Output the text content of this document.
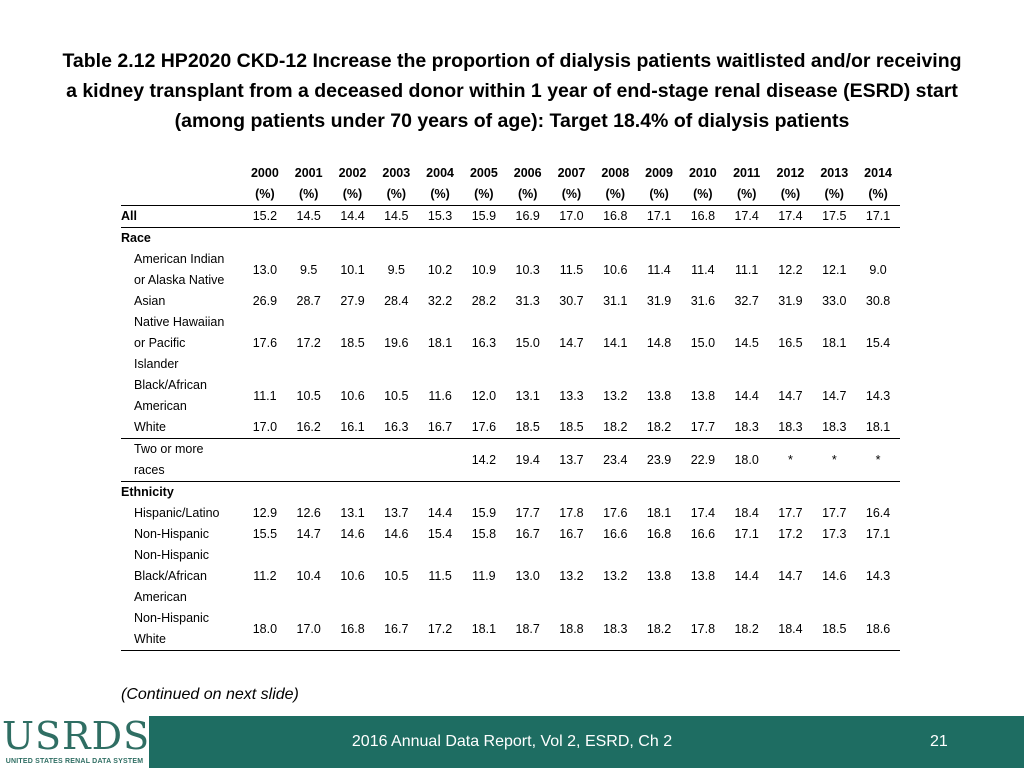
Table 2.12 HP2020 CKD-12 Increase the proportion of dialysis patients waitlisted and/or receiving
a kidney transplant from a deceased donor within 1 year of end-stage renal disease (ESRD) start
(among patients under 70 years of age): Target 18.4% of dialysis patients
	2000	2001	2002	2003	2004	2005	2006	2007	2008	2009	2010	2011	2012	2013	2014
	(%)	(%)	(%)	(%)	(%)	(%)	(%)	(%)	(%)	(%)	(%)	(%)	(%)	(%)	(%)
All	15.2	14.5	14.4	14.5	15.3	15.9	16.9	17.0	16.8	17.1	16.8	17.4	17.4	17.5	17.1
Race															
American Indian
or Alaska Native	13.0	9.5	10.1	9.5	10.2	10.9	10.3	11.5	10.6	11.4	11.4	11.1	12.2	12.1	9.0
Asian	26.9	28.7	27.9	28.4	32.2	28.2	31.3	30.7	31.1	31.9	31.6	32.7	31.9	33.0	30.8
Native Hawaiian
or Pacific
Islander	17.6	17.2	18.5	19.6	18.1	16.3	15.0	14.7	14.1	14.8	15.0	14.5	16.5	18.1	15.4
Black/African
American	11.1	10.5	10.6	10.5	11.6	12.0	13.1	13.3	13.2	13.8	13.8	14.4	14.7	14.7	14.3
White	17.0	16.2	16.1	16.3	16.7	17.6	18.5	18.5	18.2	18.2	17.7	18.3	18.3	18.3	18.1
Two or more
races						14.2	19.4	13.7	23.4	23.9	22.9	18.0	*	*	*
Ethnicity															
Hispanic/Latino	12.9	12.6	13.1	13.7	14.4	15.9	17.7	17.8	17.6	18.1	17.4	18.4	17.7	17.7	16.4
Non-Hispanic	15.5	14.7	14.6	14.6	15.4	15.8	16.7	16.7	16.6	16.8	16.6	17.1	17.2	17.3	17.1
Non-Hispanic
Black/African
American	11.2	10.4	10.6	10.5	11.5	11.9	13.0	13.2	13.2	13.8	13.8	14.4	14.7	14.6	14.3
Non-Hispanic
White	18.0	17.0	16.8	16.7	17.2	18.1	18.7	18.8	18.3	18.2	17.8	18.2	18.4	18.5	18.6
(Continued on next slide)
2016 Annual Data Report, Vol 2, ESRD, Ch 2	21
USRDS
UNITED STATES RENAL DATA SYSTEM
